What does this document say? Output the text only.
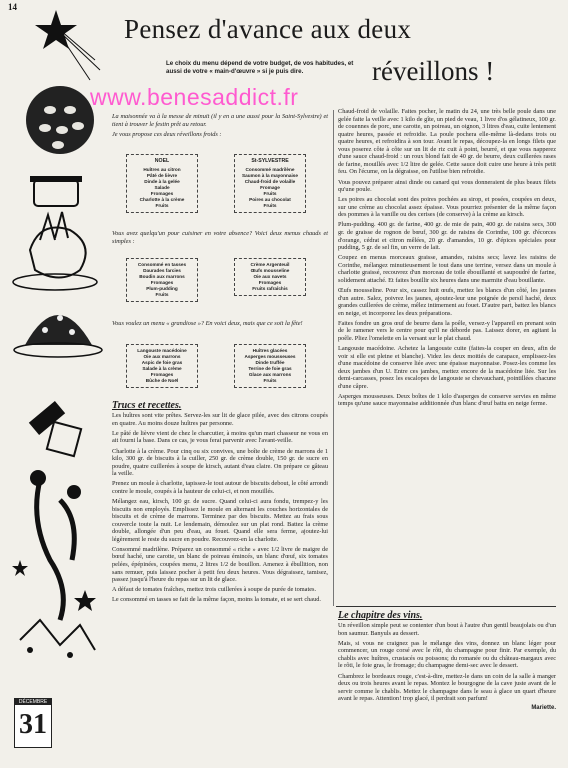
DÉCEMBRE
31
14
Pensez d'avance aux deux
réveillons !
Le choix du menu dépend de votre budget, de vos habitudes, et aussi de votre « main-d'œuvre » si je puis dire.
www.benesaddict.fr

La maisonnée va à la messe de minuit (il y en a une aussi pour la Saint-Sylvestre) et tient à trouver le festin prêt au retour.

Je vous propose ces deux réveillons froids :

NOEL
Huîtres au citron
Pâté de lièvre
Dinde à la gelée
Salade
Fromages
Charlotte à la crème
Fruits
St-SYLVESTRE
Consommé madrilène
Saumon à la mayonnaise
Chaud-froid de volaille
Fromage
Fruits
Poires au chocolat
Fruits

Vous avez quelqu'un pour cuisiner en votre absence? Voici deux menus chauds et simples :

Consommé en tasses
Daurades farcies
Boudin aux marrons
Fromages
Plum-pudding
Fruits
Crème Argenteuil
Œufs mousseline
Oie aux navets
Fromages
Fruits rafraîchis

Vous voulez un menu « grandiose »? En voici deux, mais que ce soit la fête!

Langouste macédoine
Oie aux marrons
Aspic de foie gras
Salade à la crème
Fromages
Bûche de Noël
Huîtres glacées
Asperges mousseuses
Dinde truffée
Terrine de foie gras
Glace aux marrons
Fruits

Trucs et recettes.

Les huîtres sont vite prêtes. Servez-les sur lit de glace pilée, avec des citrons coupés en quatre. Au moins douze huîtres par personne.

Le pâté de lièvre vient de chez le charcutier, à moins qu'un mari chasseur ne vous en ait fourni la base. Dans ce cas, je vous ferai parvenir avec l'avant-veille.

Charlotte à la crème. Pour cinq ou six convives, une boîte de crème de marrons de 1 kilo, 300 gr. de biscuits à la cuiller, 250 gr. de crème double, 150 gr. de sucre en poudre, quatre cuillerées à soupe de kirsch, autant d'eau claire. On prépare ce gâteau la veille.

Prenez un moule à charlotte, tapissez-le tout autour de biscuits debout, le côté arrondi contre le moule, coupés à la hauteur de celui-ci, et non mouillés.

Mélangez eau, kirsch, 100 gr. de sucre. Quand celui-ci aura fondu, trempez-y les biscuits non employés. Emplissez le moule en alternant les couches horizontales de biscuits et de crème de marrons. Terminez par des biscuits. Mettez au frais sous couvercle toute la nuit. Le lendemain, démoulez sur un plat rond. Battez la crème double, allongée d'un peu d'eau, au fouet. Quand elle sera ferme, ajoutez-lui légèrement le reste du sucre en poudre. Recouvrez-en la charlotte.

Consommé madrilène. Préparez un consommé « riche » avec 1/2 livre de maigre de bœuf haché, une carotte, un blanc de poireau émincés, un blanc d'œuf, six tomates pelées, épépinées, coupées menu, 2 litres 1/2 de bouillon. Amenez à ébullition, non sans remuer, puis laissez pocher à petit feu deux heures. Vous dégraissez, tamisez, passez jusqu'à l'heure du repas sur un lit de glace.

A défaut de tomates fraîches, mettez trois cuillerées à soupe de purée de tomates.

Le consommé en tasses se fait de la même façon, moins la tomate, et se sert chaud.

Chaud-froid de volaille. Faites pocher, le matin du 24, une très belle poule dans une gelée faite la veille avec 1 kilo de gîte, un pied de veau, 1 livre d'os gélatineux, 100 gr. de couennes de porc, une carotte, un poireau, un oignon, 3 litres d'eau, cuite lentement quatre heures, passée et refroidie. La poule pochera elle-même là-dedans trois ou quatre heures, et refroidira à son tour. Avant le repas, découpez-la en longs filets que vous poserez côte à côte sur un lit de riz cuit à point, beurré, et que vous napperez d'une sauce chaud-froid : un roux blond fait de 40 gr. de beurre, deux cuillerées rases de farine, mouillés avec 1/2 litre de gelée. Cette sauce doit cuire une heure à très petit feu. On l'écume, on la dégraisse, on l'utilise bien refroidie.

Vous pouvez préparer ainsi dinde ou canard qui vous donneraient de plus beaux filets qu'une poule.

Les poires au chocolat sont des poires pochées au sirop, et posées, coupées en deux, sur une crème au chocolat assez épaisse. Vous pourriez présenter de la même façon des pommes à la vanille ou des cerises (de conserve) à la crème au kirsch.

Plum-pudding. 400 gr. de farine, 400 gr. de mie de pain, 400 gr. de raisins secs, 300 gr. de graisse de rognon de bœuf, 300 gr. de raisins de Corinthe, 100 gr. d'écorces d'orange, cédrat et citron mêlées, 20 gr. d'amandes, 10 gr. d'épices spéciales pour pudding, 5 gr. de sel fin, un verre de lait.

Coupez en menus morceaux graisse, amandes, raisins secs; lavez les raisins de Corinthe, mélangez minutieusement le tout dans une terrine, versez dans un moule à charlotte graissé, recouvrez d'un morceau de toile ébouillanté et saupoudré de farine, solidement attaché. Et faites bouillir six heures dans une marmite d'eau bouillante.

Œufs mousseline. Pour six, cassez huit œufs, mettez les blancs d'un côté, les jaunes d'un autre. Salez, poivrez les jaunes, ajoutez-leur une poignée de persil haché, deux grandes cuillerées de crème, mêlez intimement au fouet. D'autre part, battez les blancs en neige, et incorporez les deux préparations.

Faites fondre un gros œuf de beurre dans la poêle, versez-y l'appareil en prenant soin de le ramener vers le centre pour qu'il ne déborde pas. Laissez dorer, en agitant la poêle. Pliez l'omelette en la versant sur le plat chaud.

Langouste macédoine. Achetez la langouste cuite (faites-la couper en deux, afin de voir si elle est pleine et blanche). Videz les deux moitiés de carapace, emplissez-les d'une macédoine de conserve liée avec une épaisse mayonnaise. Posez-les comme les deux jambes d'un U. Entre ces jambes, mettez encore de la macédoine liée. Sur les demi-carcasses, posez les escalopes de langouste se chevauchant, pointillées chacune d'une câpre.

Asperges mousseuses. Deux boîtes de 1 kilo d'asperges de conserve servies en même temps qu'une sauce mayonnaise additionnée d'un blanc d'œuf battu en neige ferme.

Le chapitre des vins.

Un réveillon simple peut se contenter d'un bout à l'autre d'un gentil beaujolais ou d'un bon saumur. Banyuls au dessert.

Mais, si vous ne craignez pas le mélange des vins, donnez un blanc léger pour commencer, un rouge corsé avec le rôti, du champagne pour finir. Par exemple, du chablis avec huîtres, crustacés ou poissons; du romanée ou du château-margaux avec le rôti, le foie gras, le fromage; du champagne demi-sec avec le dessert.

Chambrez le bordeaux rouge, c'est-à-dire, mettez-le dans un coin de la salle à manger deux ou trois heures avant le repas. Montez le bourgogne de la cave juste avant de le servir comme le chablis. Mettez le champagne dans le seau à glace un quart d'heure avant le repas. Attention! trop glacé, il perdrait son parfum!

Mariette.
